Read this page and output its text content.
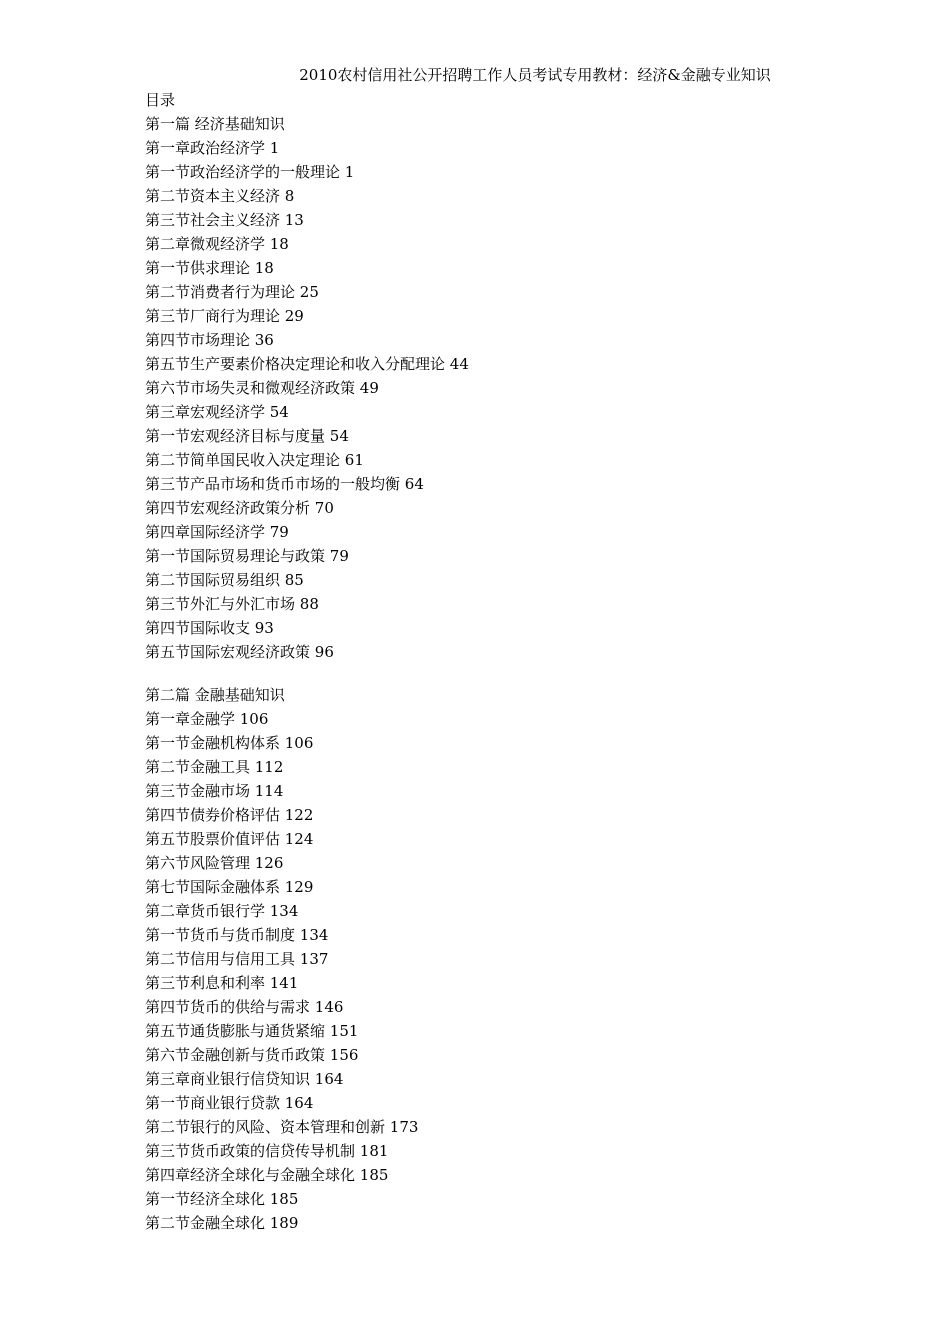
2010农村信用社公开招聘工作人员考试专用教材：经济&金融专业知识
目录
第一篇 经济基础知识
第一章政治经济学 1
第一节政治经济学的一般理论 1
第二节资本主义经济 8
第三节社会主义经济 13
第二章微观经济学 18
第一节供求理论 18
第二节消费者行为理论 25
第三节厂商行为理论 29
第四节市场理论 36
第五节生产要素价格决定理论和收入分配理论 44
第六节市场失灵和微观经济政策 49
第三章宏观经济学 54
第一节宏观经济目标与度量 54
第二节简单国民收入决定理论 61
第三节产品市场和货币市场的一般均衡 64
第四节宏观经济政策分析 70
第四章国际经济学 79
第一节国际贸易理论与政策 79
第二节国际贸易组织 85
第三节外汇与外汇市场 88
第四节国际收支 93
第五节国际宏观经济政策 96
第二篇 金融基础知识
第一章金融学 106
第一节金融机构体系 106
第二节金融工具 112
第三节金融市场 114
第四节债券价格评估 122
第五节股票价值评估 124
第六节风险管理 126
第七节国际金融体系 129
第二章货币银行学 134
第一节货币与货币制度 134
第二节信用与信用工具 137
第三节利息和利率 141
第四节货币的供给与需求 146
第五节通货膨胀与通货紧缩 151
第六节金融创新与货币政策 156
第三章商业银行信贷知识 164
第一节商业银行贷款 164
第二节银行的风险、资本管理和创新 173
第三节货币政策的信贷传导机制 181
第四章经济全球化与金融全球化 185
第一节经济全球化 185
第二节金融全球化 189
